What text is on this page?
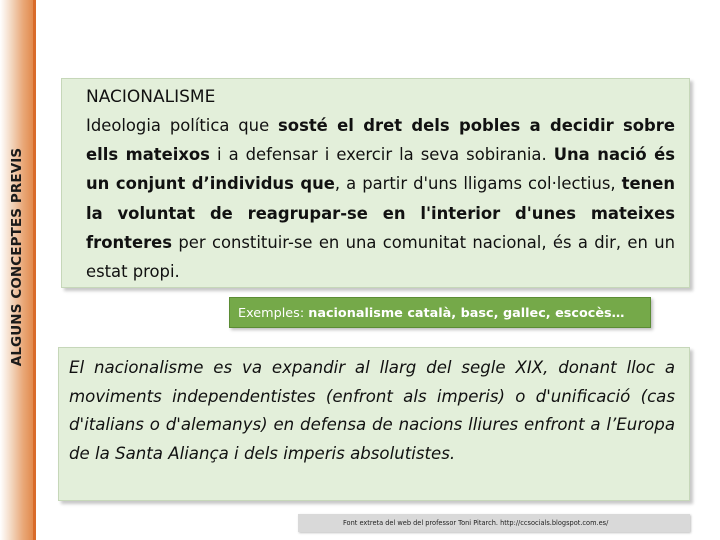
ALGUNS CONCEPTES PREVIS
NACIONALISME
Ideologia política que sosté el dret dels pobles a decidir sobre ells mateixos i a defensar i exercir la seva sobirania. Una nació és un conjunt d’individus que, a partir d'uns lligams col·lectius, tenen la voluntat de reagrupar-se en l'interior d'unes mateixes fronteres per constituir-se en una comunitat nacional, és a dir, en un estat propi.
Exemples: nacionalisme català, basc, gallec, escocès…
El nacionalisme es va expandir al llarg del segle XIX, donant lloc a moviments independentistes (enfront als imperis) o d'unificació (cas d'italians o d'alemanys) en defensa de nacions lliures enfront a l’Europa de la Santa Aliança i dels imperis absolutistes.
Font extreta del web del professor Toni Pitarch. http://ccsocials.blogspot.com.es/
